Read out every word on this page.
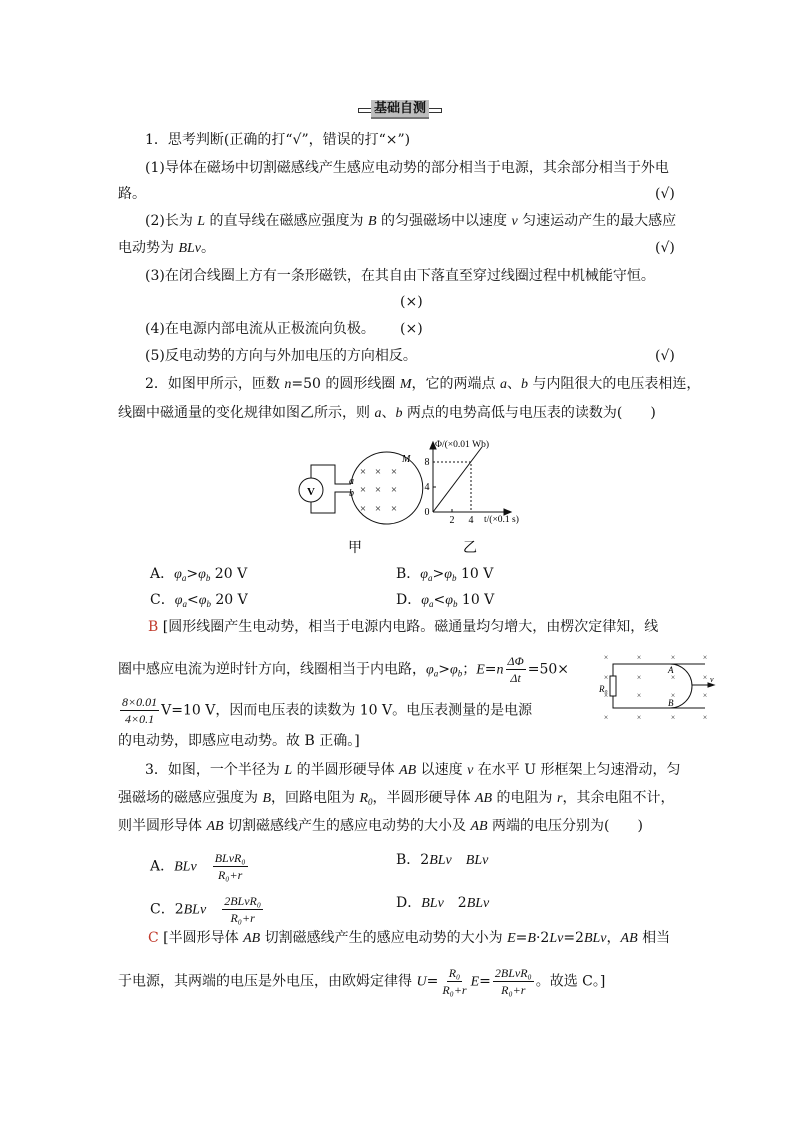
基础自测
1．思考判断(正确的打“√”，错误的打“×”)
(1)导体在磁场中切割磁感线产生感应电动势的部分相当于电源，其余部分相当于外电
路。	(√)
(2)长为 L 的直导线在磁感应强度为 B 的匀强磁场中以速度 v 匀速运动产生的最大感应
电动势为 BLv。	(√)
(3)在闭合线圈上方有一条形磁铁，在其自由下落直至穿过线圈过程中机械能守恒。
(×)
(4)在电源内部电流从正极流向负极。 (×)
(5)反电动势的方向与外加电压的方向相反。	(√)
2．如图甲所示，匝数 n=50 的圆形线圈 M，它的两端点 a、b 与内阻很大的电压表相连，
线圈中磁通量的变化规律如图乙所示，则 a、b 两点的电势高低与电压表的读数为(　　)
× × ×
× × ×
× × ×
V
a
b
M
甲
Φ/(×0.01 Wb)
t/(×0.1 s)
0
4
8
2 4
乙
×	×	×	×
×	×	×	×
×	×	×	×
×	×	×	×
R₀
A
B
v
A．$\varphi_a>\varphi_b$ 20 V	B．$\varphi_a>\varphi_b$ 10 V
C．$\varphi_a<\varphi_b$ 20 V	D．$\varphi_a<\varphi_b$ 10 V
B [圆形线圈产生电动势，相当于电源内电路。磁通量均匀增大，由楞次定律知，线
圈中感应电流为逆时针方向，线圈相当于内电路，$\varphi_a>\varphi_b$；$E=n \frac{\Delta\Phi}{\Delta t} =50\times$
$\frac{8\times 0.01}{4\times 0.1} V=10$ V，因而电压表的读数为 10 V。电压表测量的是电源
的电动势，即感应电动势。故 B 正确。]
3．如图，一个半径为 L 的半圆形硬导体 AB 以速度 v 在水平 U 形框架上匀速滑动，匀
强磁场的磁感应强度为 B，回路电阻为 $R_0$，半圆形硬导体 AB 的电阻为 r，其余电阻不计，
则半圆形导体 AB 切割磁感线产生的感应电动势的大小及 AB 两端的电压分别为(　　)
A．BLv　 $\frac{\text{BLvR₀}}{\text{R₀+r}}$	B．2BLv　 BLv
C．2BLv　 $\frac{\text{2BLvR₀}}{\text{R₀+r}}$	D．BLv　2BLv
C [半圆形导体 AB 切割磁感线产生的感应电动势的大小为 E=B·2Lv=2BLv，AB 相当
于电源，其两端的电压是外电压，由欧姆定律得 $U= \frac{\text{R₀}}{\text{R₀+r}} E= \frac{\text{2BLvR₀}}{\text{R₀+r}}$ 。故选 C。]
